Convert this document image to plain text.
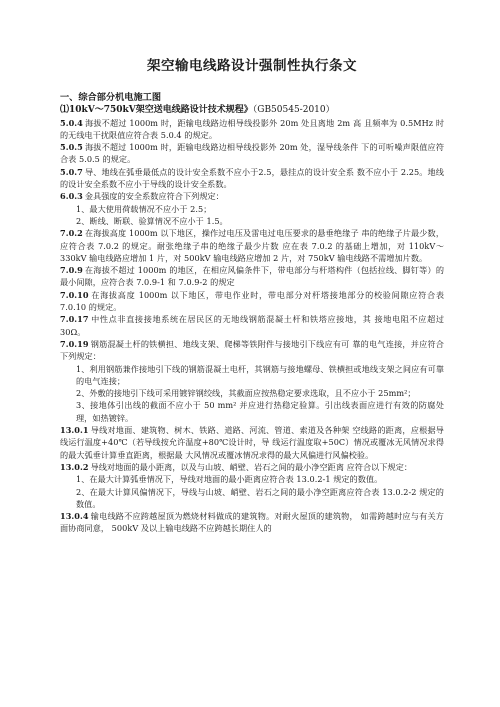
架空输电线路设计强制性执行条文
一、综合部分机电施工图
⑴10kV～750kV架空送电线路设计技术规程》（GB50545-2010）

5.0.4 海拔不超过 1000m 时，距输电线路边相导线投影外 20m 处且离地 2m 高 且频率为 0.5MHz 时的无线电干扰限值应符合表 5.0.4 的规定。

5.0.5 海拔不超过 1000m 时，距输电线路边相导线投影外 20m 处，湿导线条件 下的可听噪声限值应符合表 5.0.5 的规定。

5.0.7 导、地线在弧垂最低点的设计安全系数不应小于2.5，悬挂点的设计安全系 数不应小于 2.25。地线的设计安全系数不应小于导线的设计安全系数。

6.0.3 金具强度的安全系数应符合下列规定：

1、最大使用荷载情况不应小于 2.5；

2、断线、断联、验算情况不应小于 1.5。

7.0.2 在海拔高度 1000m 以下地区，操作过电压及雷电过电压要求的悬垂绝缘子 串的绝缘子片最少数，应符合表 7.0.2 的规定。耐张绝缘子串的绝缘子最少片数 应在表 7.0.2 的基础上增加，对 110kV～330kV 输电线路应增加 1 片，对 500kV 输电线路应增加 2 片，对 750kV 输电线路不需增加片数。

7.0.9 在海拔不超过 1000m 的地区，在相应风偏条件下，带电部分与杆塔构件（包括拉线、脚钉等）的最小间隙，应符合表 7.0.9-1 和 7.0.9-2 的规定

7.0.10 在海拔高度 1000m 以下地区，带电作业时，带电部分对杆塔接地部分的校验间隙应符合表 7.0.10 的规定。

7.0.17 中性点非直接接地系统在居民区的无地线钢筋混凝土杆和铁塔应接地，其 接地电阻不应超过30Ω。

7.0.19 钢筋混凝土杆的铁横担、地线支架、爬梯等铁附件与接地引下线应有可 靠的电气连接，并应符合下列规定：

1、利用钢筋兼作接地引下线的钢筋混凝土电杆，其钢筋与接地螺母、铁横担或地线支架之间应有可靠的电气连接；

2、外敷的接地引下线可采用镀锌钢绞线，其截面应按热稳定要求选取，且不应小于 25mm²；

3、接地体引出线的截面不应小于 50 mm² 并应进行热稳定验算。引出线表面应进行有效的防腐处理，如热镀锌。

13.0.1 导线对地面、建筑物、树木、铁路、道路、河流、管道、索道及各种架 空线路的距离，应根据导线运行温度+40℃（若导线按允许温度+80℃设计时，导 线运行温度取+50C）情况或覆冰无风情况求得的最大弧垂计算垂直距离，根据最 大风情况或覆冰情况求得的最大风偏进行风偏校验。

13.0.2 导线对地面的最小距离，以及与山坡、峭壁、岩石之间的最小净空距离 应符合以下规定：

1、在最大计算弧垂情况下，导线对地面的最小距离应符合表 13.0.2-1 规定的数值。

2、在最大计算风偏情况下，导线与山坡、峭壁、岩石之间的最小净空距离应符合表 13.0.2-2 规定的数值。

13.0.4 输电线路不应跨越屋顶为燃烧材料做成的建筑物。对耐火屋顶的建筑物， 如需跨越时应与有关方面协商同意， 500kV 及以上输电线路不应跨越长期住人的
